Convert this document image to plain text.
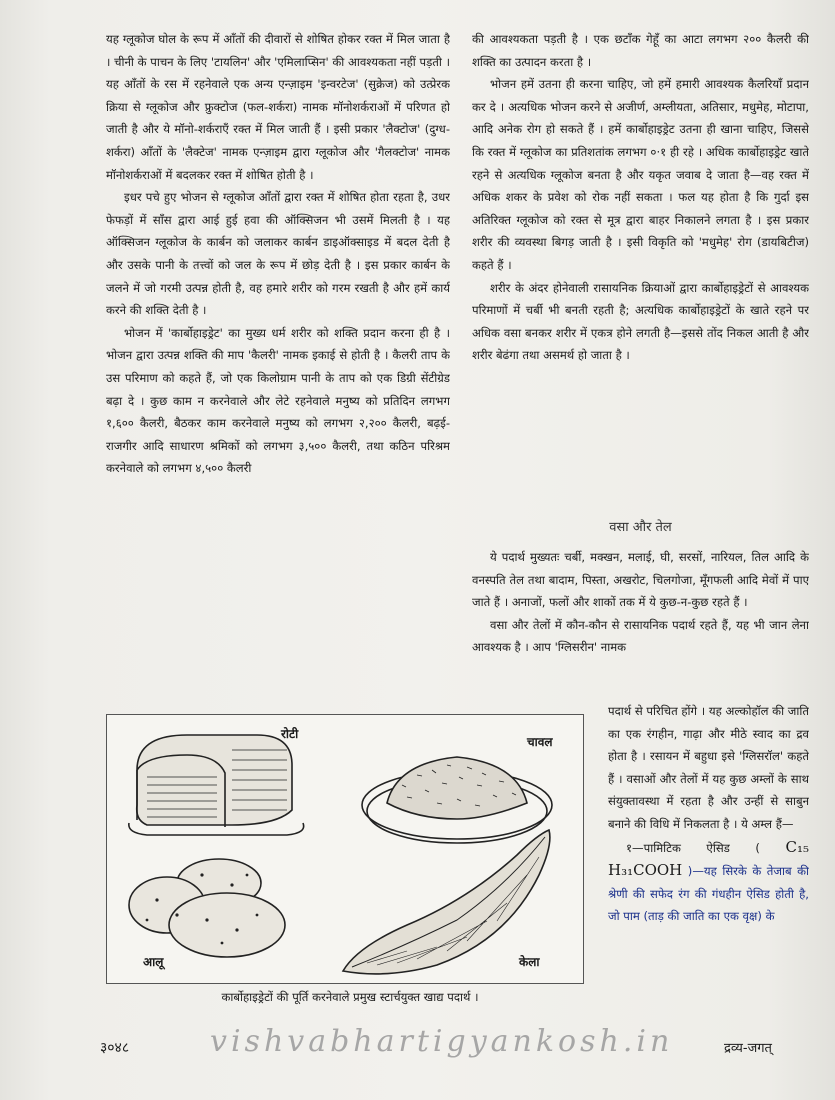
यह ग्लूकोज घोल के रूप में आँतों की दीवारों से शोषित होकर रक्त में मिल जाता है । चीनी के पाचन के लिए 'टायलिन' और 'एमिलाप्सिन' की आवश्यकता नहीं पड़ती । यह आँतों के रस में रहनेवाले एक अन्य एन्ज़ाइम 'इन्वरटेज' (सुक्रेज) को उत्प्रेरक क्रिया से ग्लूकोज और फ्रुक्टोज (फल-शर्करा) नामक मॉनोशर्कराओं में परिणत हो जाती है और ये मॉनो-शर्कराएँ रक्त में मिल जाती हैं । इसी प्रकार 'लैक्टोज' (दुग्ध-शर्करा) आँतों के 'लैक्टेज' नामक एन्ज़ाइम द्वारा ग्लूकोज और 'गैलक्टोज' नामक मॉनोशर्कराओं में बदलकर रक्त में शोषित होती है ।

इधर पचे हुए भोजन से ग्लूकोज आँतों द्वारा रक्त में शोषित होता रहता है, उधर फेफड़ों में साँस द्वारा आई हुई हवा की ऑक्सिजन भी उसमें मिलती है । यह ऑक्सिजन ग्लूकोज के कार्बन को जलाकर कार्बन डाइऑक्साइड में बदल देती है और उसके पानी के तत्त्वों को जल के रूप में छोड़ देती है । इस प्रकार कार्बन के जलने में जो गरमी उत्पन्न होती है, वह हमारे शरीर को गरम रखती है और हमें कार्य करने की शक्ति देती है ।

भोजन में 'कार्बोहाइड्रेट' का मुख्य धर्म शरीर को शक्ति प्रदान करना ही है । भोजन द्वारा उत्पन्न शक्ति की माप 'कैलरी' नामक इकाई से होती है । कैलरी ताप के उस परिमाण को कहते हैं, जो एक किलोग्राम पानी के ताप को एक डिग्री सेंटीग्रेड बढ़ा दे । कुछ काम न करनेवाले और लेटे रहनेवाले मनुष्य को प्रतिदिन लगभग १,६०० कैलरी, बैठकर काम करनेवाले मनुष्य को लगभग २,२०० कैलरी, बढ़ई-राजगीर आदि साधारण श्रमिकों को लगभग ३,५०० कैलरी, तथा कठिन परिश्रम करनेवाले को लगभग ४,५०० कैलरी

की आवश्यकता पड़ती है । एक छटाँक गेहूँ का आटा लगभग २०० कैलरी की शक्ति का उत्पादन करता है ।

भोजन हमें उतना ही करना चाहिए, जो हमें हमारी आवश्यक कैलरियाँ प्रदान कर दे । अत्यधिक भोजन करने से अजीर्ण, अम्लीयता, अतिसार, मधुमेह, मोटापा, आदि अनेक रोग हो सकते हैं । हमें कार्बोहाइड्रेट उतना ही खाना चाहिए, जिससे कि रक्त में ग्लूकोज का प्रतिशतांक लगभग ०·१ ही रहे । अधिक कार्बोहाइड्रेट खाते रहने से अत्यधिक ग्लूकोज बनता है और यकृत जवाब दे जाता है—वह रक्त में अधिक शकर के प्रवेश को रोक नहीं सकता । फल यह होता है कि गुर्दा इस अतिरिक्त ग्लूकोज को रक्त से मूत्र द्वारा बाहर निकालने लगता है । इस प्रकार शरीर की व्यवस्था बिगड़ जाती है । इसी विकृति को 'मधुमेह' रोग (डायबिटीज) कहते हैं ।

शरीर के अंदर होनेवाली रासायनिक क्रियाओं द्वारा कार्बोहाइड्रेटों से आवश्यक परिमाणों में चर्बी भी बनती रहती है; अत्यधिक कार्बोहाइड्रेटों के खाते रहने पर अधिक वसा बनकर शरीर में एकत्र होने लगती है—इससे तोंद निकल आती है और शरीर बेढंगा तथा असमर्थ हो जाता है ।

वसा और तेल

ये पदार्थ मुख्यतः चर्बी, मक्खन, मलाई, घी, सरसों, नारियल, तिल आदि के वनस्पति तेल तथा बादाम, पिस्ता, अखरोट, चिलगोजा, मूँगफली आदि मेवों में पाए जाते हैं । अनाजों, फलों और शाकों तक में ये कुछ-न-कुछ रहते हैं ।

वसा और तेलों में कौन-कौन से रासायनिक पदार्थ रहते हैं, यह भी जान लेना आवश्यक है । आप 'ग्लिसरीन' नामक

पदार्थ से परिचित होंगे । यह अल्कोहॉल की जाति का एक रंगहीन, गाढ़ा और मीठे स्वाद का द्रव होता है । रसायन में बहुधा इसे 'ग्लिसरॉल' कहते हैं । वसाओं और तेलों में यह कुछ अम्लों के साथ संयुक्तावस्था में रहता है और उन्हीं से साबुन बनाने की विधि में निकलता है । ये अम्ल हैं—

१—पामिटिक ऐसिड ( C₁₅ H₃₁COOH )—यह सिरके के तेजाब की श्रेणी की सफेद रंग की गंधहीन ऐसिड होती है, जो पाम (ताड़ की जाति का एक वृक्ष) के

रोटी
चावल
आलू	केला
कार्बोहाइड्रेटों की पूर्ति करनेवाले प्रमुख स्टार्चयुक्त खाद्य पदार्थ ।
३०४८	vishvabhartigyankosh.in	द्रव्य-जगत्
